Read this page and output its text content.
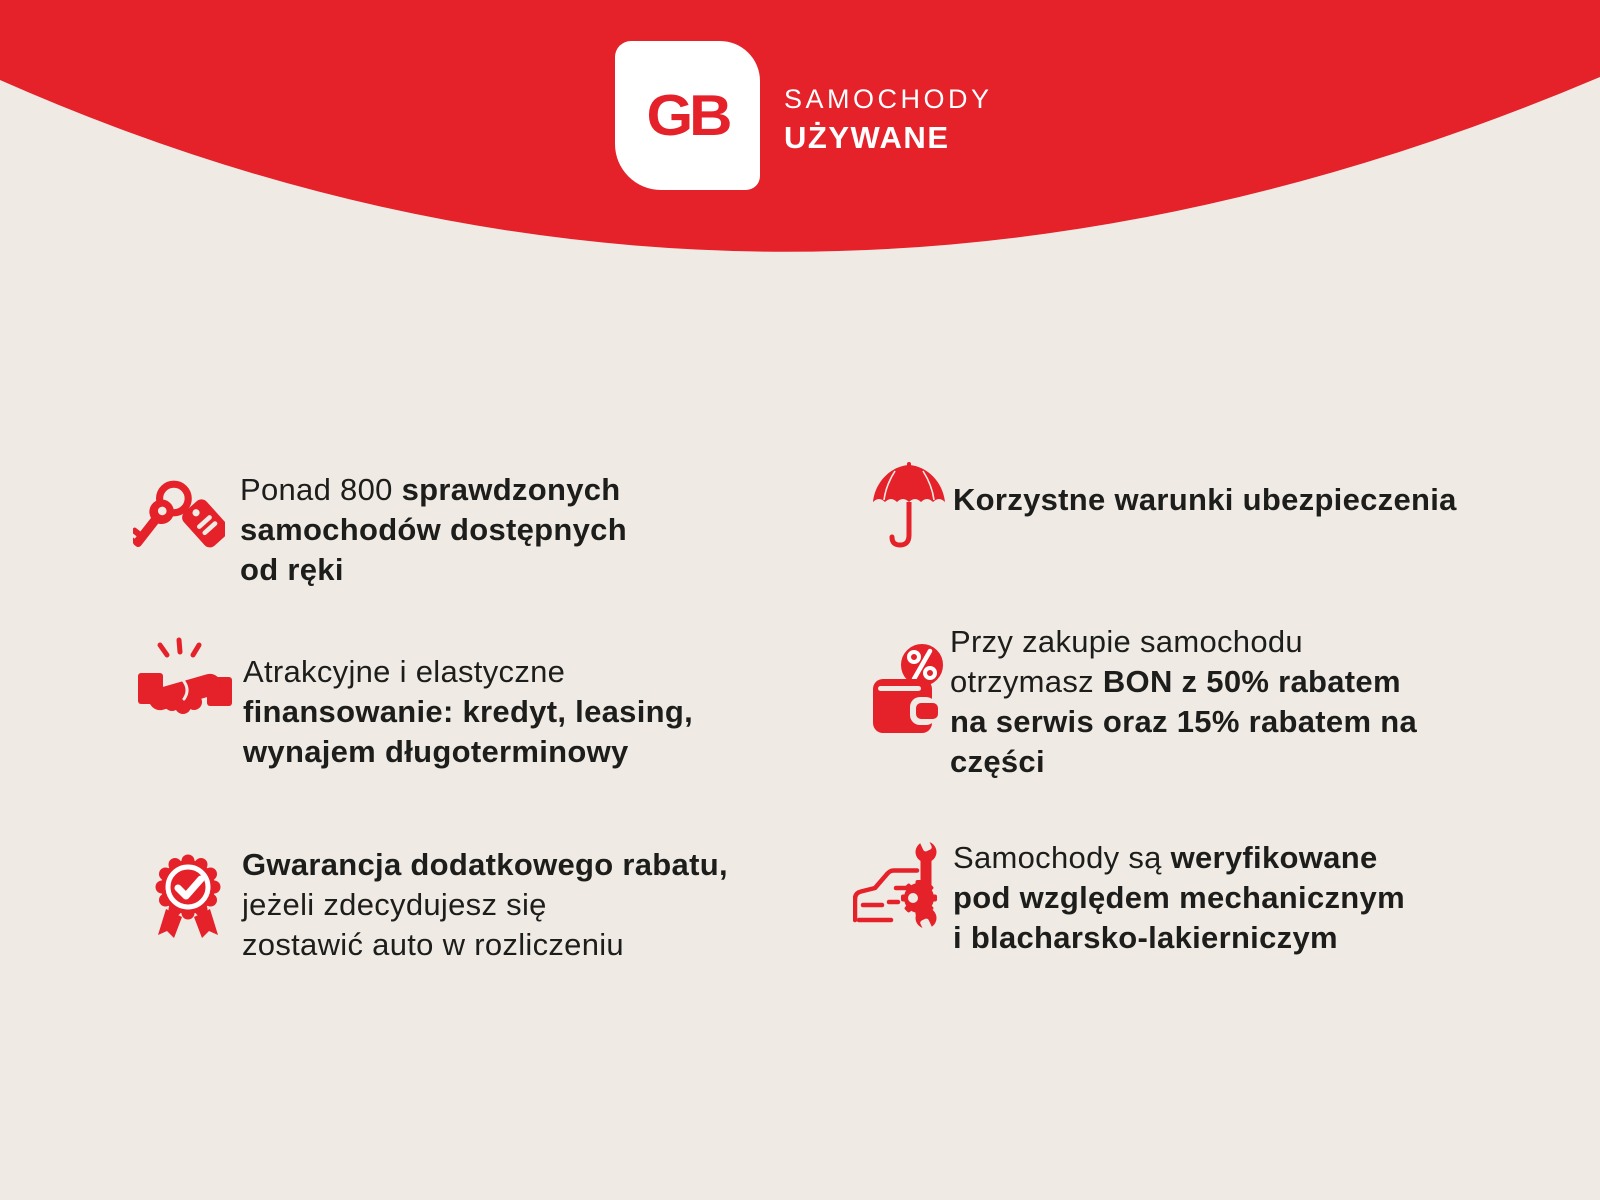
GB SAMOCHODY
UŻYWANE
Ponad 800 sprawdzonych
samochodów dostępnych
od ręki
Atrakcyjne i elastyczne
finansowanie: kredyt, leasing,
wynajem długoterminowy
Gwarancja dodatkowego rabatu,
jeżeli zdecydujesz się
zostawić auto w rozliczeniu
Korzystne warunki ubezpieczenia
Przy zakupie samochodu
otrzymasz BON z 50% rabatem
na serwis oraz 15% rabatem na
części
Samochody są weryfikowane
pod względem mechanicznym
i blacharsko-lakierniczym
